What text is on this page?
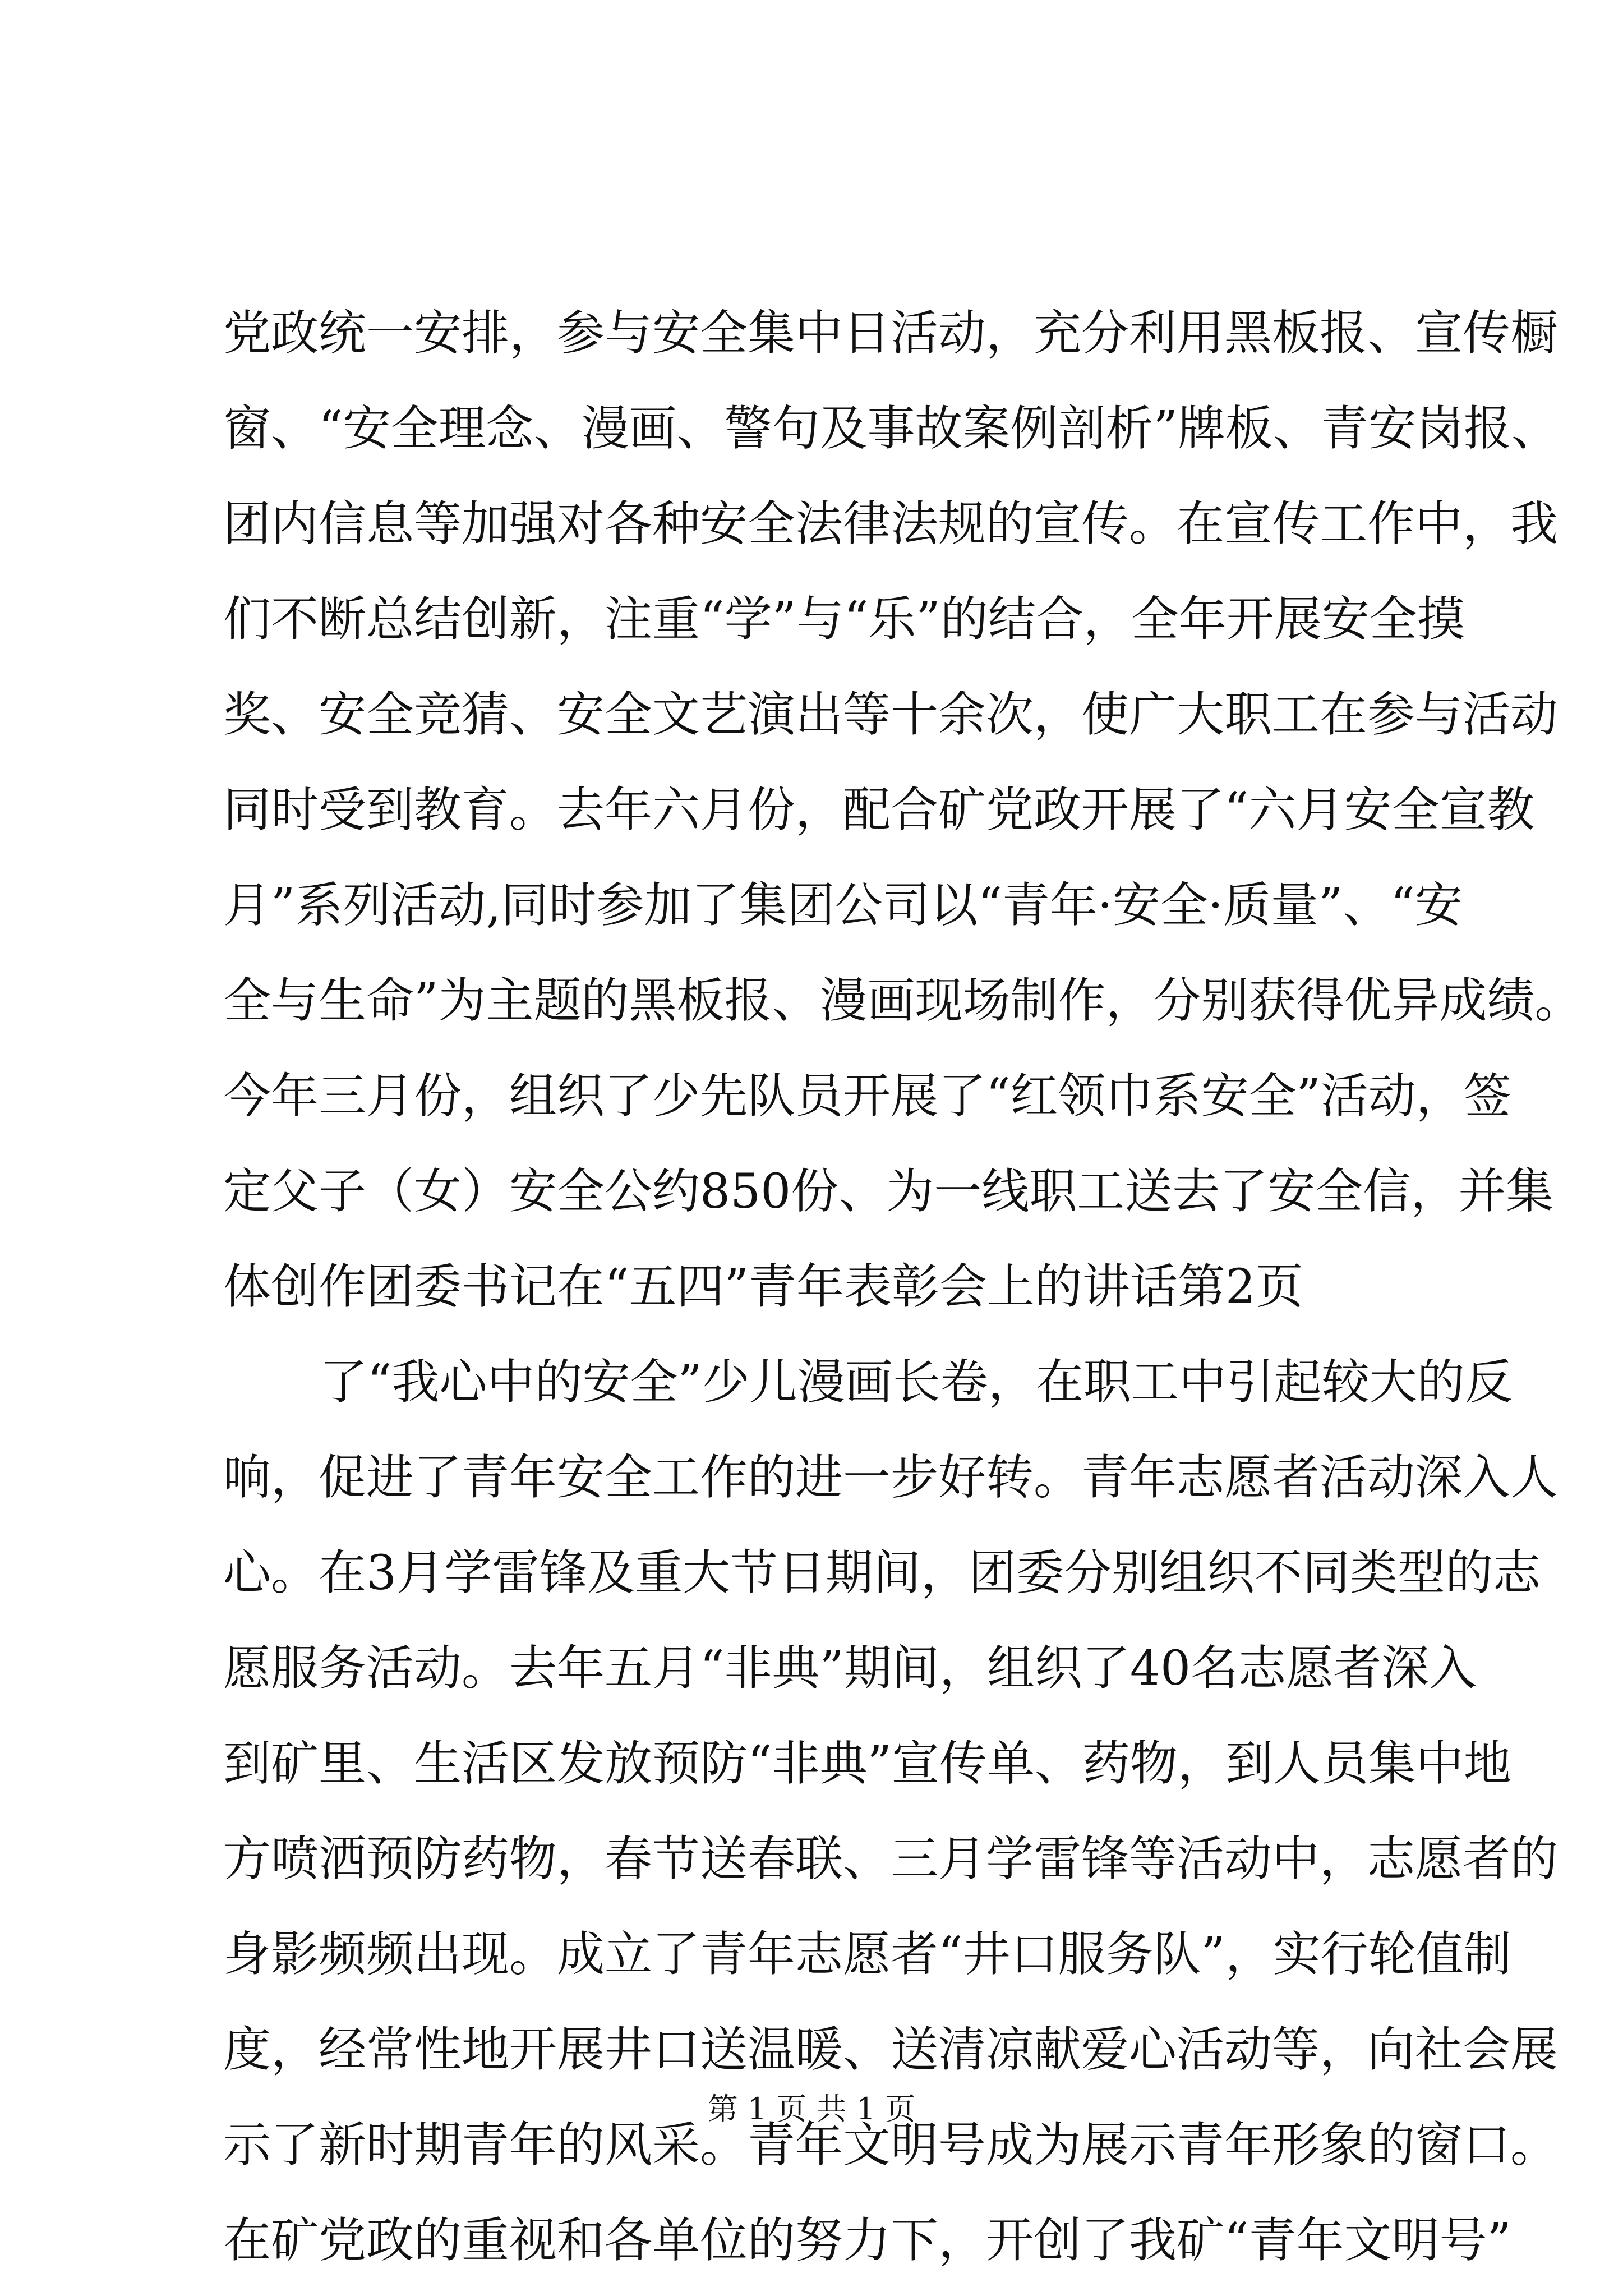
党政统一安排，参与安全集中日活动，充分利用黑板报、宣传橱
窗、“安全理念、漫画、警句及事故案例剖析”牌板、青安岗报、
团内信息等加强对各种安全法律法规的宣传。在宣传工作中，我
们不断总结创新，注重“学”与“乐”的结合，全年开展安全摸
奖、安全竞猜、安全文艺演出等十余次，使广大职工在参与活动
同时受到教育。去年六月份，配合矿党政开展了“六月安全宣教
月”系列活动,同时参加了集团公司以“青年·安全·质量”、“安
全与生命”为主题的黑板报、漫画现场制作，分别获得优异成绩。
今年三月份，组织了少先队员开展了“红领巾系安全”活动，签
定父子（女）安全公约850份、为一线职工送去了安全信，并集
体创作团委书记在“五四”青年表彰会上的讲话第2页
了“我心中的安全”少儿漫画长卷，在职工中引起较大的反
响，促进了青年安全工作的进一步好转。青年志愿者活动深入人
心。在3月学雷锋及重大节日期间，团委分别组织不同类型的志
愿服务活动。去年五月“非典”期间，组织了40名志愿者深入
到矿里、生活区发放预防“非典”宣传单、药物，到人员集中地
方喷洒预防药物，春节送春联、三月学雷锋等活动中，志愿者的
身影频频出现。成立了青年志愿者“井口服务队”，实行轮值制
度，经常性地开展井口送温暖、送清凉献爱心活动等，向社会展
示了新时期青年的风采。青年文明号成为展示青年形象的窗口。
在矿党政的重视和各单位的努力下，开创了我矿“青年文明号”
第 1 页 共 1 页
